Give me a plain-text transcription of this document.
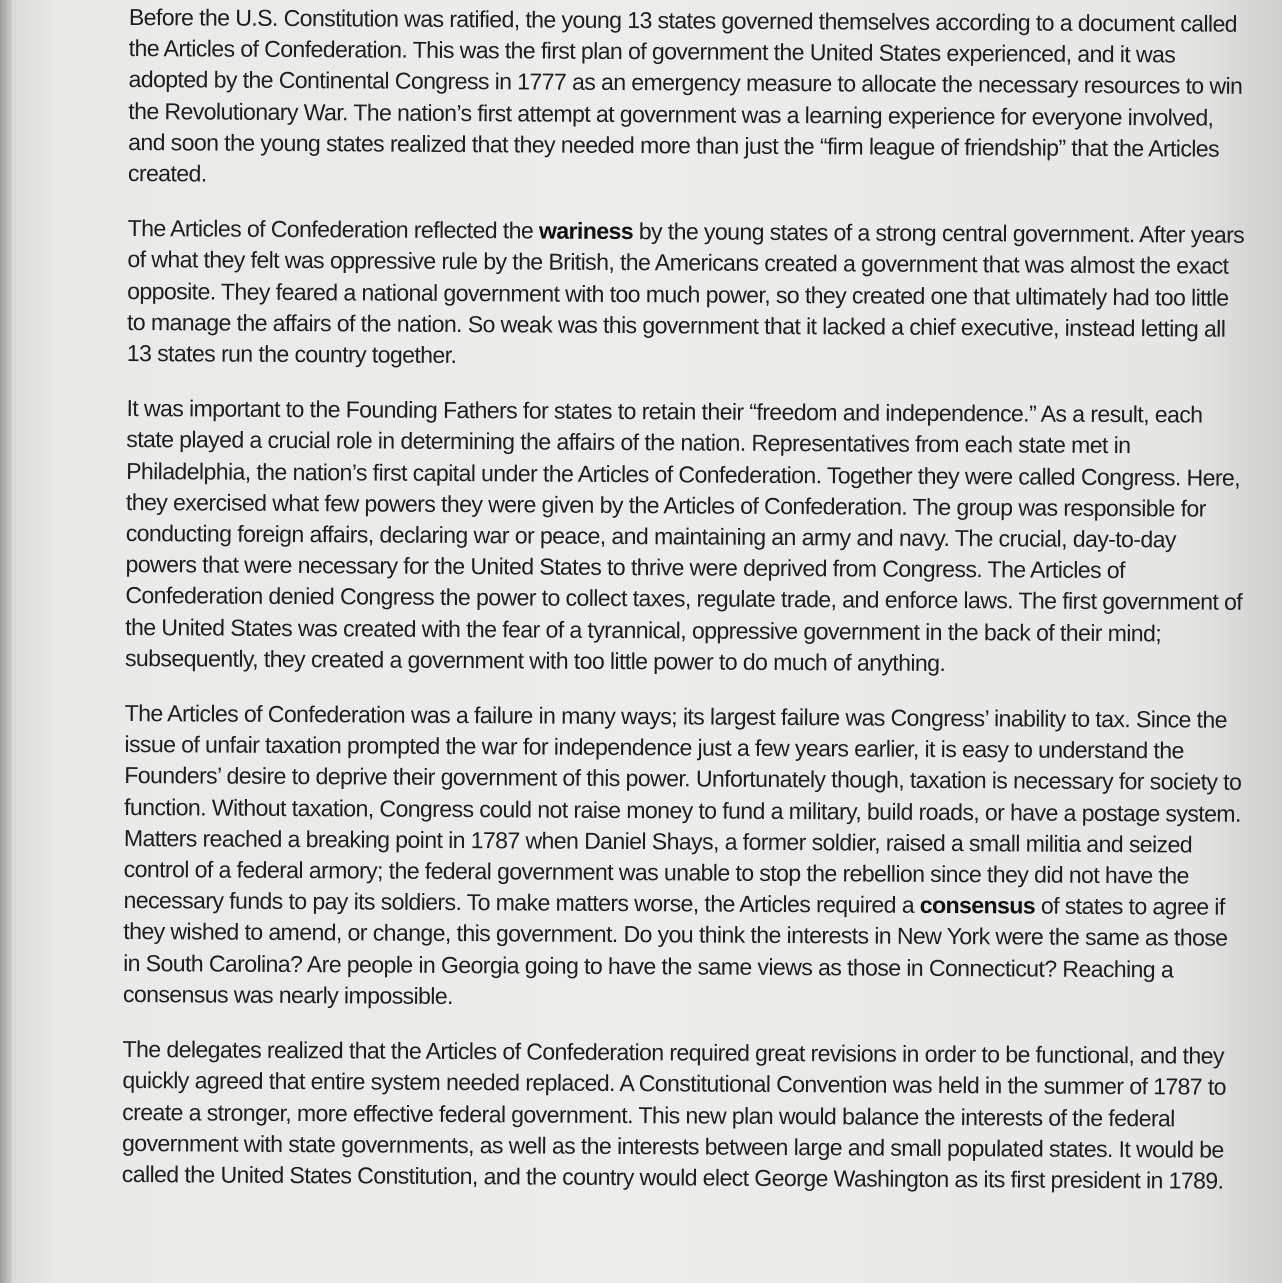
Before the U.S. Constitution was ratified, the young 13 states governed themselves according to a document called the Articles of Confederation. This was the first plan of government the United States experienced, and it was adopted by the Continental Congress in 1777 as an emergency measure to allocate the necessary resources to win the Revolutionary War. The nation’s first attempt at government was a learning experience for everyone involved, and soon the young states realized that they needed more than just the “firm league of friendship” that the Articles created.

The Articles of Confederation reflected the wariness by the young states of a strong central government. After years of what they felt was oppressive rule by the British, the Americans created a government that was almost the exact opposite. They feared a national government with too much power, so they created one that ultimately had too little to manage the affairs of the nation. So weak was this government that it lacked a chief executive, instead letting all 13 states run the country together.

It was important to the Founding Fathers for states to retain their “freedom and independence.” As a result, each state played a crucial role in determining the affairs of the nation. Representatives from each state met in Philadelphia, the nation’s first capital under the Articles of Confederation. Together they were called Congress. Here, they exercised what few powers they were given by the Articles of Confederation. The group was responsible for conducting foreign affairs, declaring war or peace, and maintaining an army and navy. The crucial, day-to-day powers that were necessary for the United States to thrive were deprived from Congress. The Articles of Confederation denied Congress the power to collect taxes, regulate trade, and enforce laws. The first government of the United States was created with the fear of a tyrannical, oppressive government in the back of their mind; subsequently, they created a government with too little power to do much of anything.

The Articles of Confederation was a failure in many ways; its largest failure was Congress’ inability to tax. Since the issue of unfair taxation prompted the war for independence just a few years earlier, it is easy to understand the Founders’ desire to deprive their government of this power. Unfortunately though, taxation is necessary for society to function. Without taxation, Congress could not raise money to fund a military, build roads, or have a postage system. Matters reached a breaking point in 1787 when Daniel Shays, a former soldier, raised a small militia and seized control of a federal armory; the federal government was unable to stop the rebellion since they did not have the necessary funds to pay its soldiers. To make matters worse, the Articles required a consensus of states to agree if they wished to amend, or change, this government. Do you think the interests in New York were the same as those in South Carolina? Are people in Georgia going to have the same views as those in Connecticut? Reaching a consensus was nearly impossible.

The delegates realized that the Articles of Confederation required great revisions in order to be functional, and they quickly agreed that entire system needed replaced. A Constitutional Convention was held in the summer of 1787 to create a stronger, more effective federal government. This new plan would balance the interests of the federal government with state governments, as well as the interests between large and small populated states. It would be called the United States Constitution, and the country would elect George Washington as its first president in 1789.
